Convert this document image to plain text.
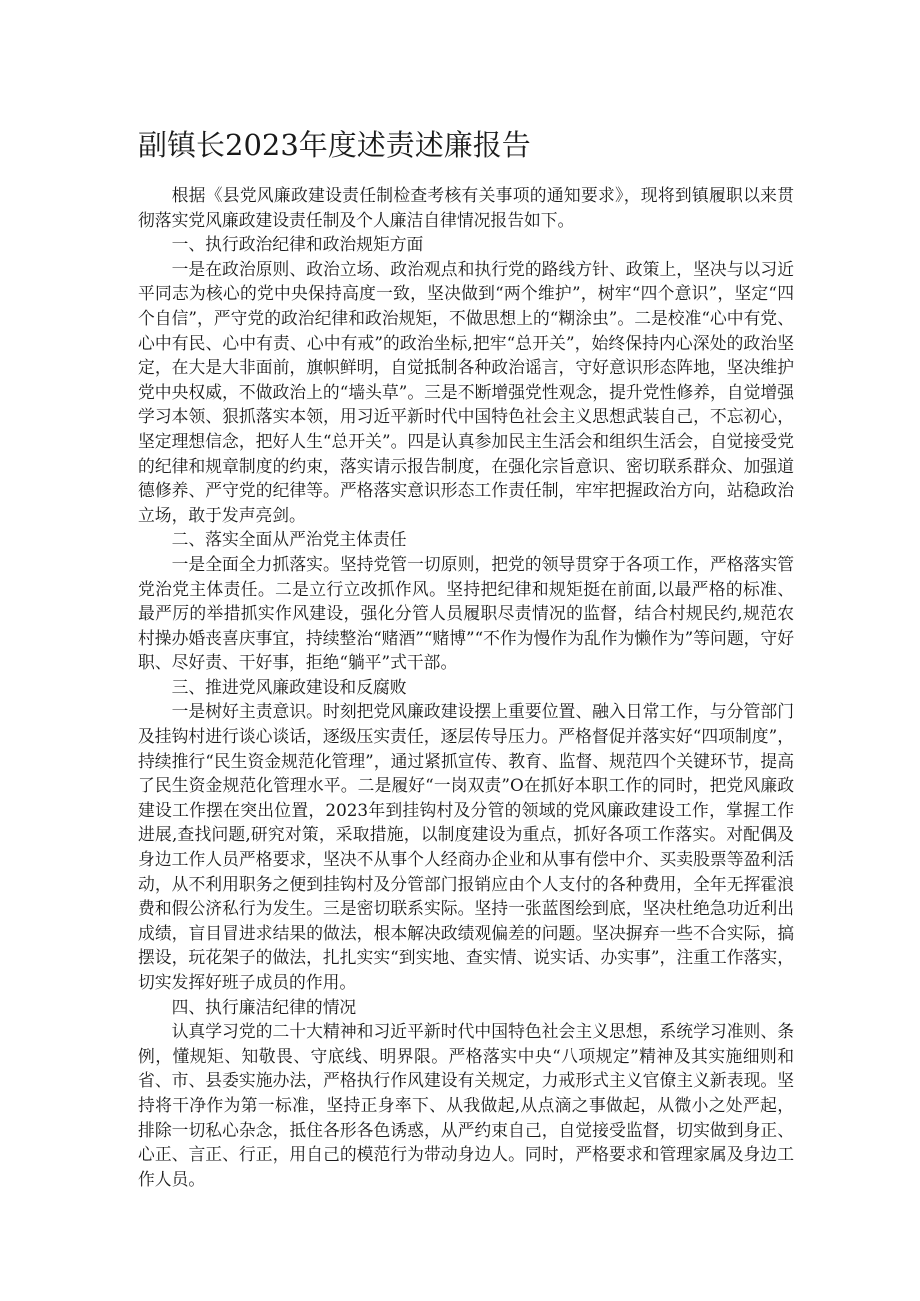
副镇长2023年度述责述廉报告

根据《县党风廉政建设责任制检查考核有关事项的通知要求》，现将到镇履职以来贯彻落实党风廉政建设责任制及个人廉洁自律情况报告如下。

一、执行政治纪律和政治规矩方面

一是在政治原则、政治立场、政治观点和执行党的路线方针、政策上，坚决与以习近平同志为核心的党中央保持高度一致，坚决做到“两个维护”，树牢“四个意识”，坚定“四个自信”，严守党的政治纪律和政治规矩，不做思想上的“糊涂虫”。二是校准“心中有党、心中有民、心中有责、心中有戒”的政治坐标,把牢“总开关”，始终保持内心深处的政治坚定，在大是大非面前，旗帜鲜明，自觉抵制各种政治谣言，守好意识形态阵地，坚决维护党中央权威，不做政治上的“墙头草”。三是不断增强党性观念，提升党性修养，自觉增强学习本领、狠抓落实本领，用习近平新时代中国特色社会主义思想武装自己，不忘初心，坚定理想信念，把好人生“总开关”。四是认真参加民主生活会和组织生活会，自觉接受党的纪律和规章制度的约束，落实请示报告制度，在强化宗旨意识、密切联系群众、加强道德修养、严守党的纪律等。严格落实意识形态工作责任制，牢牢把握政治方向，站稳政治立场，敢于发声亮剑。

二、落实全面从严治党主体责任

一是全面全力抓落实。坚持党管一切原则，把党的领导贯穿于各项工作，严格落实管党治党主体责任。二是立行立改抓作风。坚持把纪律和规矩挺在前面,以最严格的标准、最严厉的举措抓实作风建设，强化分管人员履职尽责情况的监督，结合村规民约,规范农村操办婚丧喜庆事宜，持续整治“赌酒”“赌博”“不作为慢作为乱作为懒作为”等问题，守好职、尽好责、干好事，拒绝“躺平”式干部。

三、推进党风廉政建设和反腐败

一是树好主责意识。时刻把党风廉政建设摆上重要位置、融入日常工作，与分管部门及挂钩村进行谈心谈话，逐级压实责任，逐层传导压力。严格督促并落实好“四项制度”，持续推行“民生资金规范化管理”，通过紧抓宣传、教育、监督、规范四个关键环节，提高了民生资金规范化管理水平。二是履好“一岗双责”O在抓好本职工作的同时，把党风廉政建设工作摆在突出位置，2023年到挂钩村及分管的领域的党风廉政建设工作，掌握工作进展,查找问题,研究对策，采取措施，以制度建设为重点，抓好各项工作落实。对配偶及身边工作人员严格要求，坚决不从事个人经商办企业和从事有偿中介、买卖股票等盈利活动，从不利用职务之便到挂钩村及分管部门报销应由个人支付的各种费用，全年无挥霍浪费和假公济私行为发生。三是密切联系实际。坚持一张蓝图绘到底，坚决杜绝急功近利出成绩，盲目冒进求结果的做法，根本解决政绩观偏差的问题。坚决摒弃一些不合实际，搞摆设，玩花架子的做法，扎扎实实“到实地、查实情、说实话、办实事”，注重工作落实，切实发挥好班子成员的作用。

四、执行廉洁纪律的情况

认真学习党的二十大精神和习近平新时代中国特色社会主义思想，系统学习准则、条例，懂规矩、知敬畏、守底线、明界限。严格落实中央“八项规定”精神及其实施细则和省、市、县委实施办法，严格执行作风建设有关规定，力戒形式主义官僚主义新表现。坚持将干净作为第一标准，坚持正身率下、从我做起,从点滴之事做起，从微小之处严起，排除一切私心杂念，抵住各形各色诱惑，从严约束自己，自觉接受监督，切实做到身正、心正、言正、行正，用自己的模范行为带动身边人。同时，严格要求和管理家属及身边工作人员。
